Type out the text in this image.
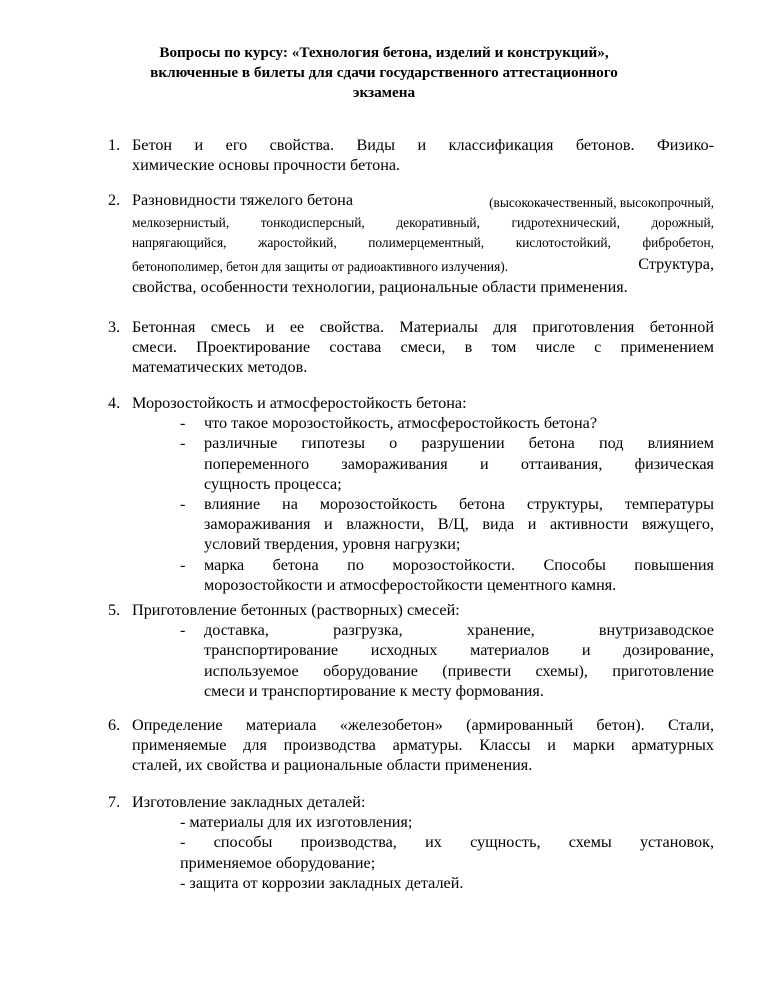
Вопросы по курсу: «Технология бетона, изделий и конструкций»,
включенные в билеты для сдачи государственного аттестационного
экзамена
1. Бетон и его свойства. Виды и классификация бетонов. Физико-
химические основы прочности бетона.
2. Разновидности тяжелого бетона	(высококачественный, высокопрочный,
мелкозернистый, тонкодисперсный, декоративный, гидротехнический, дорожный,
напрягающийся, жаростойкий, полимерцементный, кислотостойкий, фибробетон,
бетонополимер, бетон для защиты от радиоактивного излучения).	Структура,
свойства, особенности технологии, рациональные области применения.
3. Бетонная смесь и ее свойства. Материалы для приготовления бетонной
смеси. Проектирование состава смеси, в том числе с применением
математических методов.
4. Морозостойкость и атмосферостойкость бетона:
- что такое морозостойкость, атмосферостойкость бетона?
- различные гипотезы о разрушении бетона под влиянием
попеременного замораживания и оттаивания, физическая
сущность процесса;
- влияние на морозостойкость бетона структуры, температуры
замораживания и влажности, В/Ц, вида и активности вяжущего,
условий твердения, уровня нагрузки;
- марка бетона по морозостойкости. Способы повышения
морозостойкости и атмосферостойкости цементного камня.
5. Приготовление бетонных (растворных) смесей:
- доставка, разгрузка, хранение, внутризаводское
транспортирование исходных материалов и дозирование,
используемое оборудование (привести схемы), приготовление
смеси и транспортирование к месту формования.
6. Определение материала «железобетон» (армированный бетон). Стали,
применяемые для производства арматуры. Классы и марки арматурных
сталей, их свойства и рациональные области применения.
7. Изготовление закладных деталей:
- материалы для их изготовления;
- способы производства, их сущность, схемы установок,
применяемое оборудование;
- защита от коррозии закладных деталей.
